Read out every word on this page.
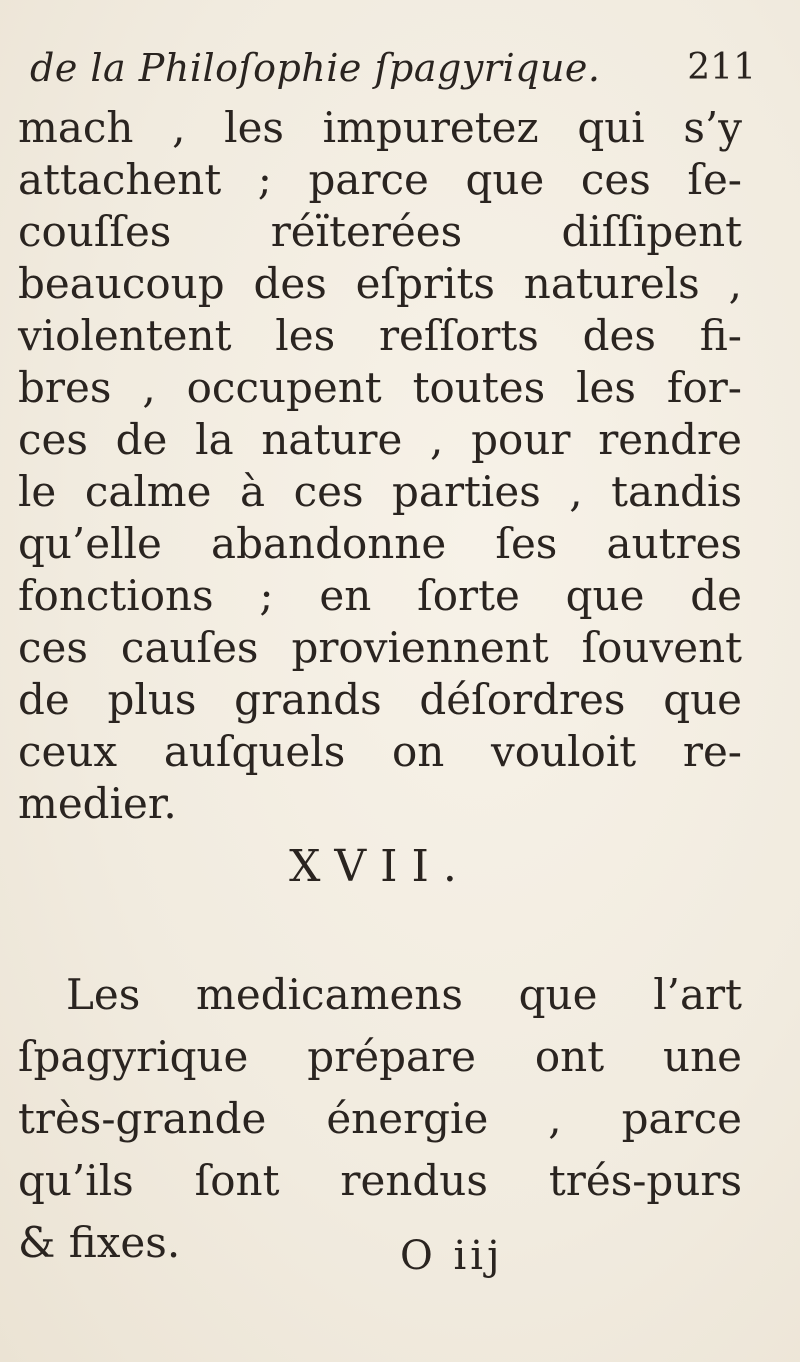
de la Philoſophie ſpagyrique. 211
mach , les impuretez qui s’y
attachent ; parce que ces ſe-
couſſes réïterées diſſipent
beaucoup des eſprits naturels ,
violentent les reſſorts des fi-
bres , occupent toutes les for-
ces de la nature , pour rendre
le calme à ces parties , tandis
qu’elle abandonne ſes autres
fonctions ; en ſorte que de
ces cauſes proviennent ſouvent
de plus grands déſordres que
ceux auſquels on vouloit re-
medier.
XVII.
Les medicamens que l’art
ſpagyrique prépare ont une
très-grande énergie , parce
qu’ils ſont rendus trés-purs
& fixes.	O iij
